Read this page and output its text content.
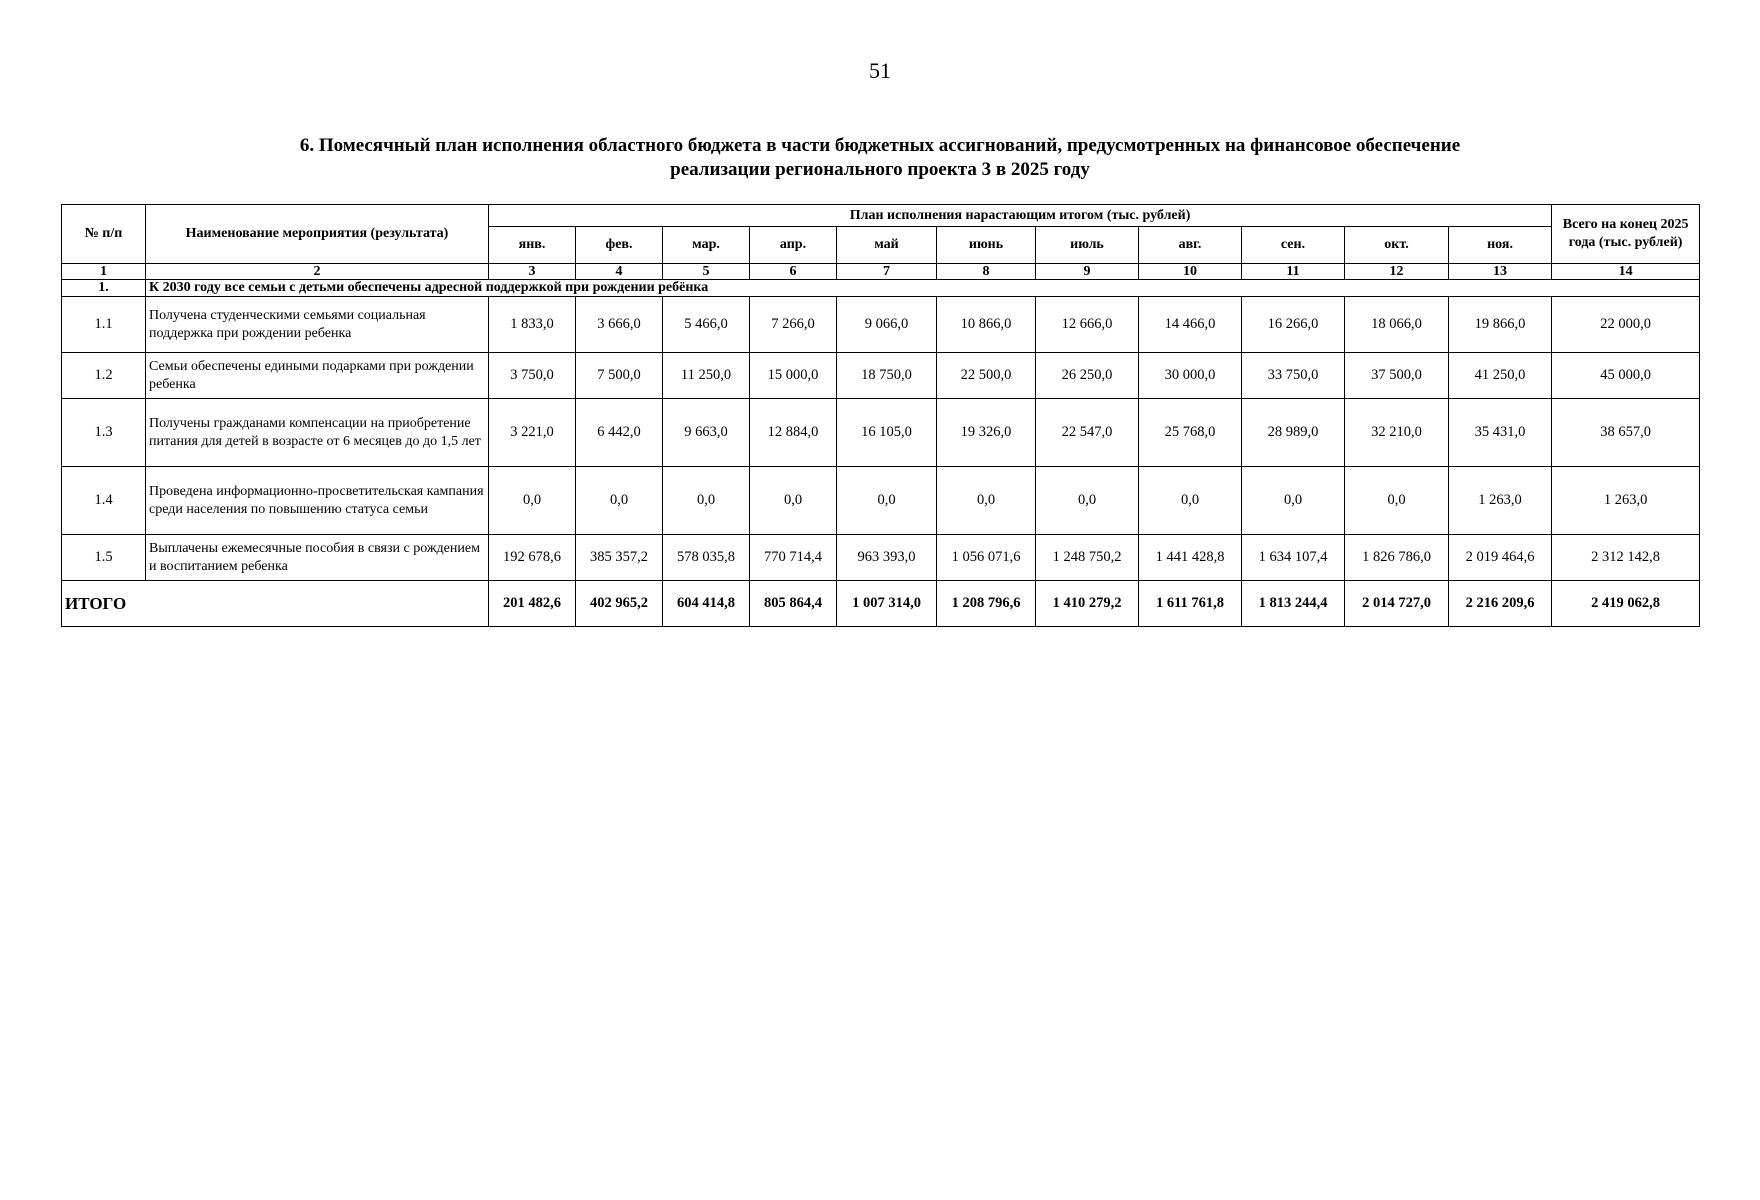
51
6. Помесячный план исполнения областного бюджета в части бюджетных ассигнований, предусмотренных на финансовое обеспечение
реализации регионального проекта 3 в 2025 году
№ п/п	Наименование мероприятия (результата)	План исполнения нарастающим итогом (тыс. рублей)											Всего на конец 2025 года (тыс. рублей)
		янв.	фев.	мар.	апр.	май	июнь	июль	авг.	сен.	окт.	ноя.	
1	2	3	4	5	6	7	8	9	10	11	12	13	14
1.	К 2030 году все семьи с детьми обеспечены адресной поддержкой при рождении ребёнка												
1.1	Получена студенческими семьями социальная поддержка при рождении ребенка	1 833,0	3 666,0	5 466,0	7 266,0	9 066,0	10 866,0	12 666,0	14 466,0	16 266,0	18 066,0	19 866,0	22 000,0
1.2	Семьи обеспечены едиными подарками при рождении ребенка	3 750,0	7 500,0	11 250,0	15 000,0	18 750,0	22 500,0	26 250,0	30 000,0	33 750,0	37 500,0	41 250,0	45 000,0
1.3	Получены гражданами компенсации на приобретение питания для детей в возрасте от 6 месяцев до до 1,5 лет	3 221,0	6 442,0	9 663,0	12 884,0	16 105,0	19 326,0	22 547,0	25 768,0	28 989,0	32 210,0	35 431,0	38 657,0
1.4	Проведена информационно-просветительская кампания среди населения по повышению статуса семьи	0,0	0,0	0,0	0,0	0,0	0,0	0,0	0,0	0,0	0,0	1 263,0	1 263,0
1.5	Выплачены ежемесячные пособия в связи с рождением и воспитанием ребенка	192 678,6	385 357,2	578 035,8	770 714,4	963 393,0	1 056 071,6	1 248 750,2	1 441 428,8	1 634 107,4	1 826 786,0	2 019 464,6	2 312 142,8
ИТОГО		201 482,6	402 965,2	604 414,8	805 864,4	1 007 314,0	1 208 796,6	1 410 279,2	1 611 761,8	1 813 244,4	2 014 727,0	2 216 209,6	2 419 062,8
